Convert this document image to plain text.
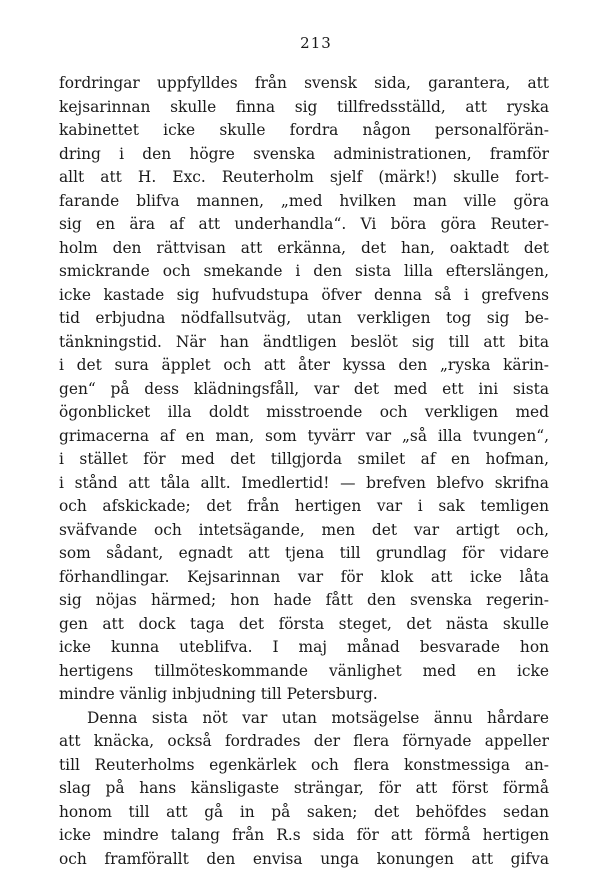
213
fordringar uppfylldes från svensk sida, garantera, att
kejsarinnan skulle finna sig tillfredsställd, att ryska
kabinettet icke skulle fordra någon personalförän-
dring i den högre svenska administrationen, framför
allt att H. Exc. Reuterholm sjelf (märk!) skulle fort-
farande blifva mannen, „med hvilken man ville göra
sig en ära af att underhandla“. Vi böra göra Reuter-
holm den rättvisan att erkänna, det han, oaktadt det
smickrande och smekande i den sista lilla efterslängen,
icke kastade sig hufvudstupa öfver denna så i grefvens
tid erbjudna nödfallsutväg, utan verkligen tog sig be-
tänkningstid. När han ändtligen beslöt sig till att bita
i det sura äpplet och att åter kyssa den „ryska kärin-
gen“ på dess klädningsfåll, var det med ett ini sista
ögonblicket illa doldt misstroende och verkligen med
grimacerna af en man, som tyvärr var „så illa tvungen“,
i stället för med det tillgjorda smilet af en hofman,
i stånd att tåla allt. Imedlertid! — brefven blefvo skrifna
och afskickade; det från hertigen var i sak temligen
sväfvande och intetsägande, men det var artigt och,
som sådant, egnadt att tjena till grundlag för vidare
förhandlingar. Kejsarinnan var för klok att icke låta
sig nöjas härmed; hon hade fått den svenska regerin-
gen att dock taga det första steget, det nästa skulle
icke kunna uteblifva. I maj månad besvarade hon
hertigens tillmöteskommande vänlighet med en icke
mindre vänlig inbjudning till Petersburg.
Denna sista nöt var utan motsägelse ännu hårdare
att knäcka, också fordrades der flera förnyade appeller
till Reuterholms egenkärlek och flera konstmessiga an-
slag på hans känsligaste strängar, för att först förmå
honom till att gå in på saken; det behöfdes sedan
icke mindre talang från R.s sida för att förmå hertigen
och framförallt den envisa unga konungen att gifva
